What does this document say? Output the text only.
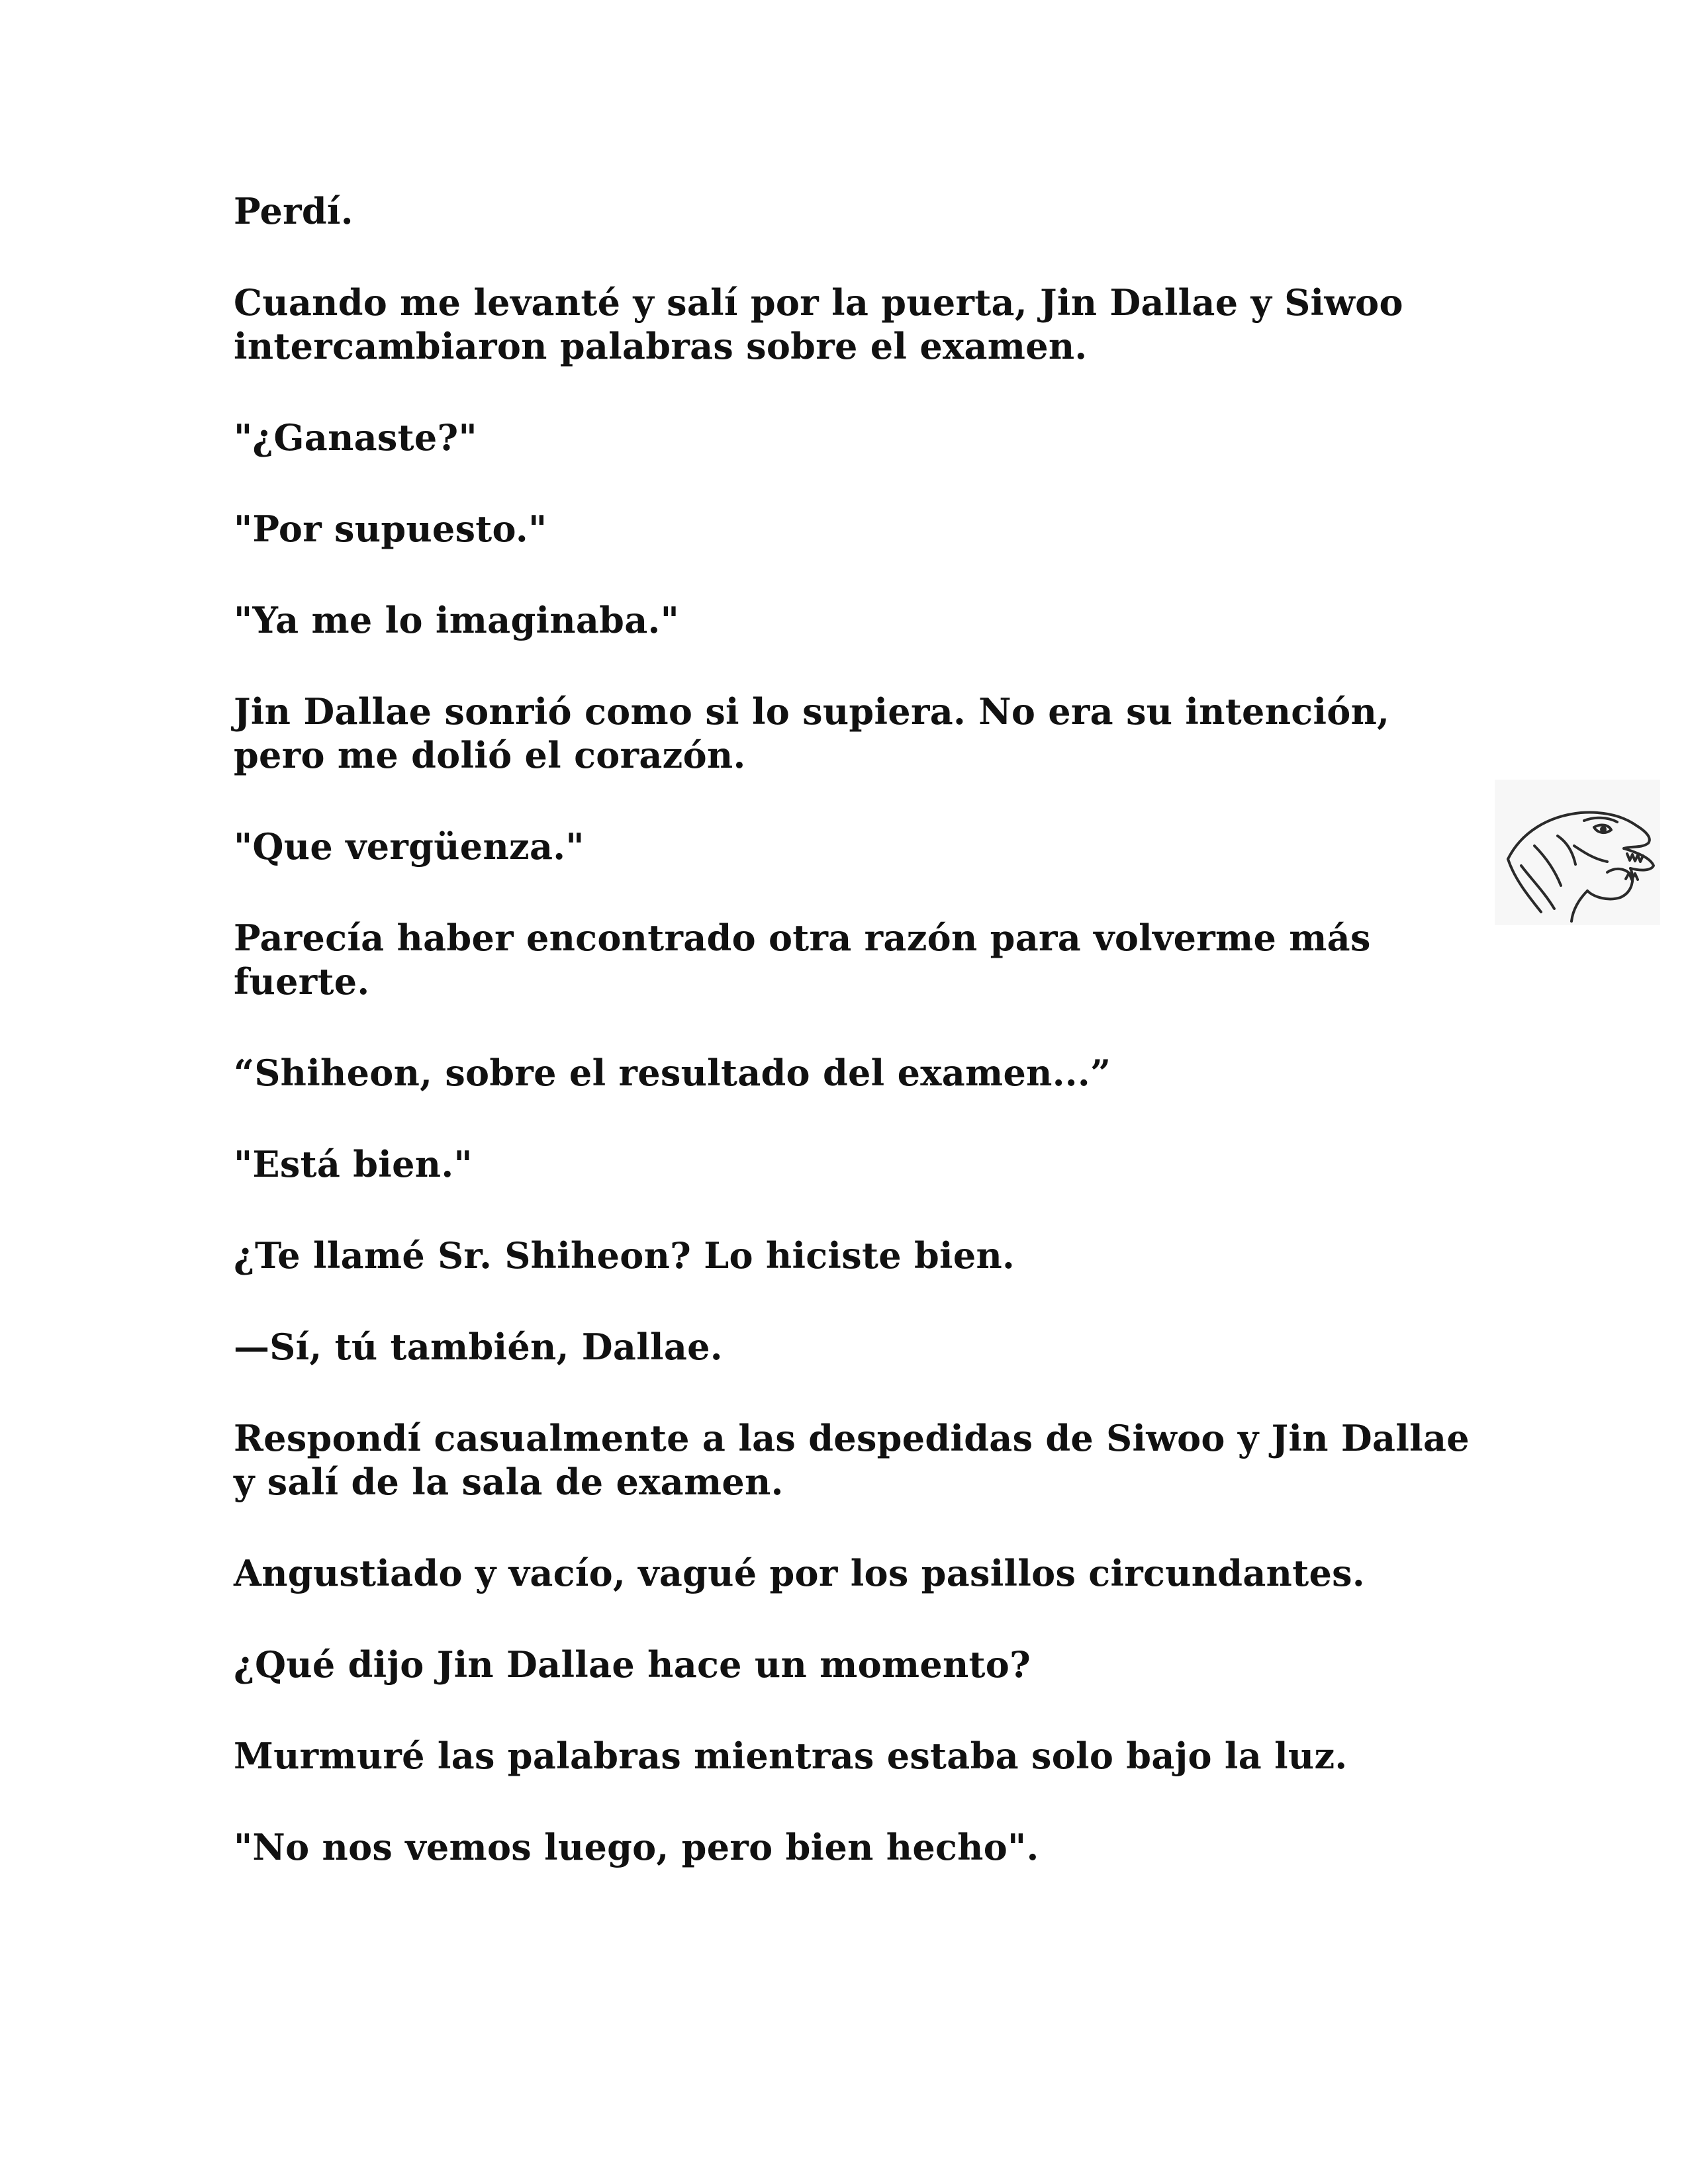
Perdí.

Cuando me levanté y salí por la puerta, Jin Dallae y Siwoo intercambiaron palabras sobre el examen.

"¿Ganaste?"

"Por supuesto."

"Ya me lo imaginaba."

Jin Dallae sonrió como si lo supiera. No era su intención, pero me dolió el corazón.

"Que vergüenza."

Parecía haber encontrado otra razón para volverme más fuerte.

“Shiheon, sobre el resultado del examen...”

"Está bien."

¿Te llamé Sr. Shiheon? Lo hiciste bien.

—Sí, tú también, Dallae.

Respondí casualmente a las despedidas de Siwoo y Jin Dallae y salí de la sala de examen.

Angustiado y vacío, vagué por los pasillos circundantes.

¿Qué dijo Jin Dallae hace un momento?

Murmuré las palabras mientras estaba solo bajo la luz.

"No nos vemos luego, pero bien hecho".
